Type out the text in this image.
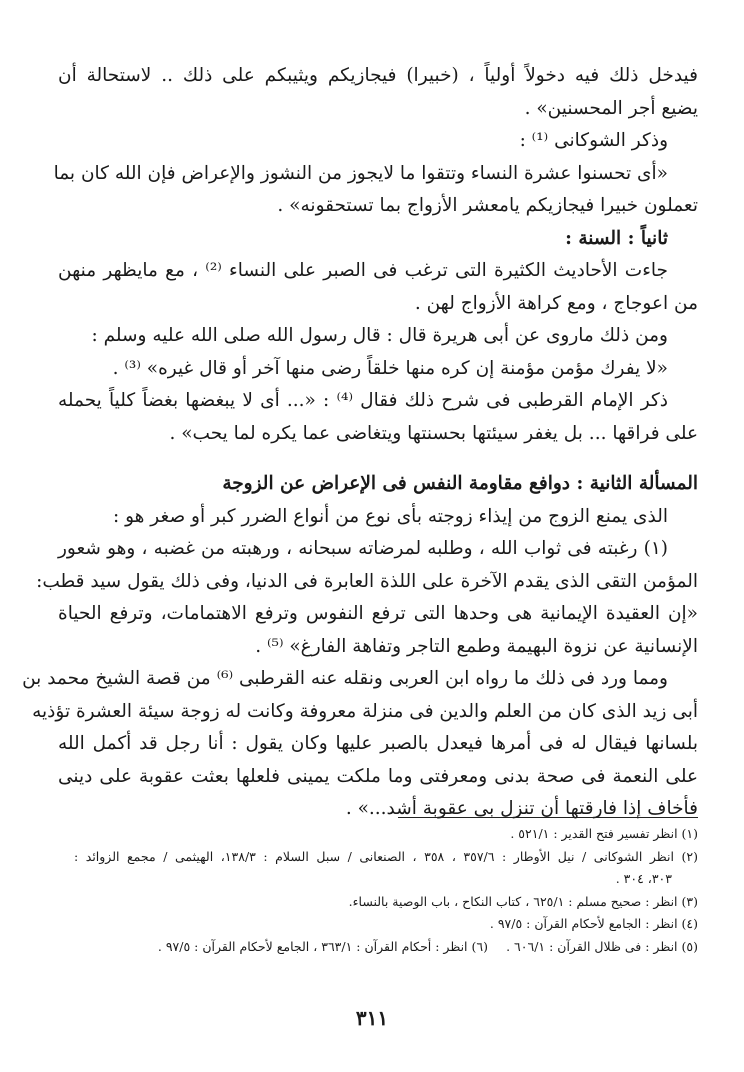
فيدخل ذلك فيه دخولاً أولياً ، (خبيرا) فيجازيكم ويثيبكم على ذلك .. لاستحالة أن
يضيع أجر المحسنين» .
وذكر الشوكانى ⁽¹⁾ :
«أى تحسنوا عشرة النساء وتتقوا ما لايجوز من النشوز والإعراض فإن الله كان بما
تعملون خبيرا فيجازيكم يامعشر الأزواج بما تستحقونه» .
ثانياً : السنة :
جاءت الأحاديث الكثيرة التى ترغب فى الصبر على النساء ⁽²⁾ ، مع مايظهر منهن
من اعوجاج ، ومع كراهة الأزواج لهن .
ومن ذلك ماروى عن أبى هريرة قال : قال رسول الله صلى الله عليه وسلم :
«لا يفرك مؤمن مؤمنة إن كره منها خلقاً رضى منها آخر أو قال غيره» ⁽³⁾ .
ذكر الإمام القرطبى فى شرح ذلك فقال ⁽⁴⁾ : «... أى لا يبغضها بغضاً كلياً يحمله
على فراقها ... بل يغفر سيئتها بحسنتها ويتغاضى عما يكره لما يحب» .
المسألة الثانية : دوافع مقاومة النفس فى الإعراض عن الزوجة
الذى يمنع الزوج من إيذاء زوجته بأى نوع من أنواع الضرر كبر أو صغر هو :
(١) رغبته فى ثواب الله ، وطلبه لمرضاته سبحانه ، ورهبته من غضبه ، وهو شعور
المؤمن التقى الذى يقدم الآخرة على اللذة العابرة فى الدنيا، وفى ذلك يقول سيد قطب:
«إن العقيدة الإيمانية هى وحدها التى ترفع النفوس وترفع الاهتمامات، وترفع الحياة
الإنسانية عن نزوة البهيمة وطمع التاجر وتفاهة الفارغ» ⁽⁵⁾ .
ومما ورد فى ذلك ما رواه ابن العربى ونقله عنه القرطبى ⁽⁶⁾ من قصة الشيخ محمد بن
أبى زيد الذى كان من العلم والدين فى منزلة معروفة وكانت له زوجة سيئة العشرة تؤذيه
بلسانها فيقال له فى أمرها فيعدل بالصبر عليها وكان يقول : أنا رجل قد أكمل الله
على النعمة فى صحة بدنى ومعرفتى وما ملكت يمينى فلعلها بعثت عقوبة على دينى
فأخاف إذا فارقتها أن تنزل بى عقوبة أشد...» .
(١) انظر تفسير فتح القدير : ٥٢١/١ .
(٢) انظر الشوكانى / نيل الأوطار : ٣٥٧/٦ ، ٣٥٨ ، الصنعانى / سبل السلام : ١٣٨/٣، الهيثمى / مجمع الزوائد :
٣٠٣، ٣٠٤ .
(٣) انظر : صحيح مسلم : ٦٢٥/١ ، كتاب النكاح ، باب الوصية بالنساء.
(٤) انظر : الجامع لأحكام القرآن : ٩٧/٥ .
(٥) انظر : فى ظلال القرآن : ٦٠٦/١ .
(٦) انظر : أحكام القرآن : ٣٦٣/١ ، الجامع لأحكام القرآن : ٩٧/٥ .
٣١١
